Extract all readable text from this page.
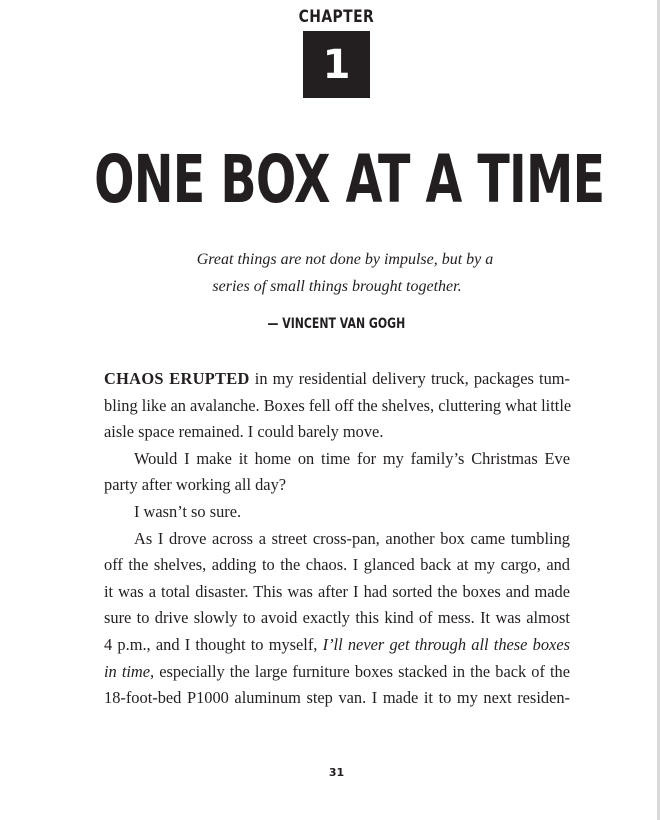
CHAPTER
1
ONE BOX AT A TIME
Great things are not done by impulse, but by a
series of small things brought together.
— VINCENT VAN GOGH
CHAOS ERUPTED in my residential delivery truck, packages tum-
bling like an avalanche. Boxes fell off the shelves, cluttering what little
aisle space remained. I could barely move.
Would I make it home on time for my family’s Christmas Eve
party after working all day?
I wasn’t so sure.
As I drove across a street cross-pan, another box came tumbling
off the shelves, adding to the chaos. I glanced back at my cargo, and
it was a total disaster. This was after I had sorted the boxes and made
sure to drive slowly to avoid exactly this kind of mess. It was almost
4 p.m., and I thought to myself, I’ll never get through all these boxes
in time, especially the large furniture boxes stacked in the back of the
18-foot-bed P1000 aluminum step van. I made it to my next residen-
31
